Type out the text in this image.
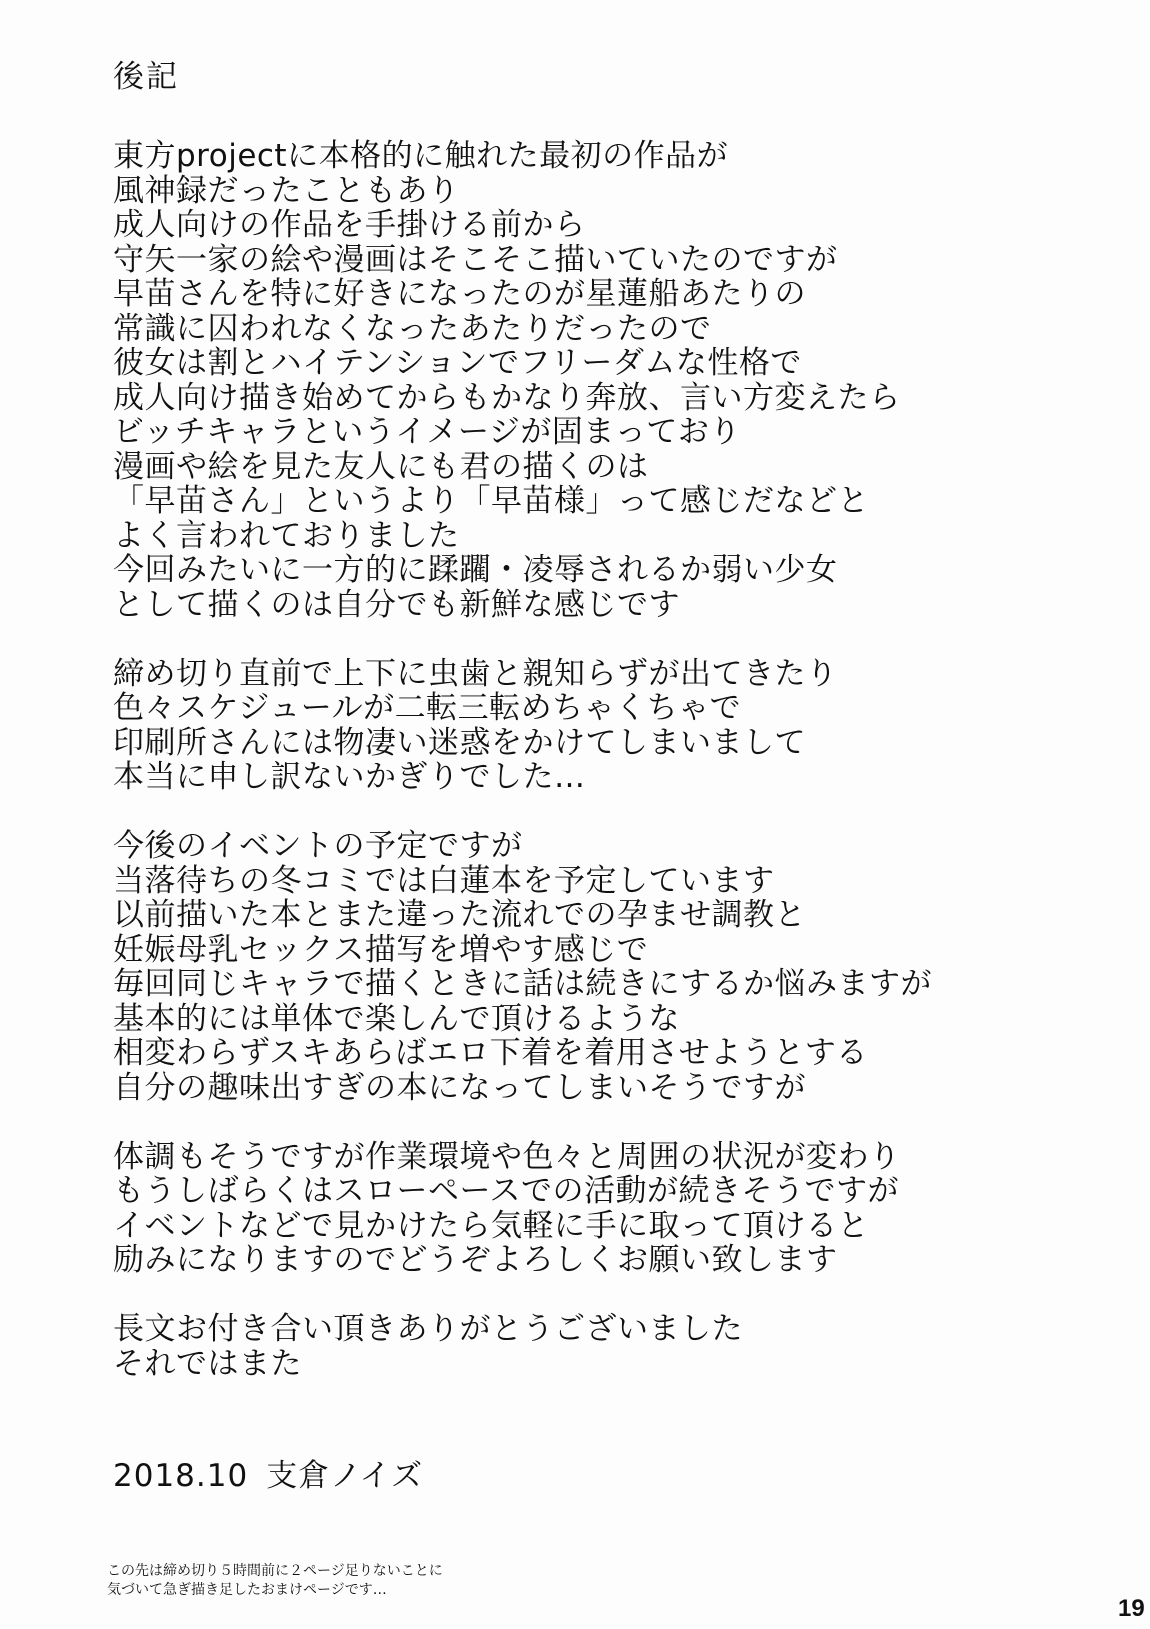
後記
東方projectに本格的に触れた最初の作品が
風神録だったこともあり
成人向けの作品を手掛ける前から
守矢一家の絵や漫画はそこそこ描いていたのですが
早苗さんを特に好きになったのが星蓮船あたりの
常識に囚われなくなったあたりだったので
彼女は割とハイテンションでフリーダムな性格で
成人向け描き始めてからもかなり奔放、言い方変えたら
ビッチキャラというイメージが固まっており
漫画や絵を見た友人にも君の描くのは
「早苗さん」というより「早苗様」って感じだなどと
よく言われておりました
今回みたいに一方的に蹂躙・凌辱されるか弱い少女
として描くのは自分でも新鮮な感じです
締め切り直前で上下に虫歯と親知らずが出てきたり
色々スケジュールが二転三転めちゃくちゃで
印刷所さんには物凄い迷惑をかけてしまいまして
本当に申し訳ないかぎりでした…
今後のイベントの予定ですが
当落待ちの冬コミでは白蓮本を予定しています
以前描いた本とまた違った流れでの孕ませ調教と
妊娠母乳セックス描写を増やす感じで
毎回同じキャラで描くときに話は続きにするか悩みますが
基本的には単体で楽しんで頂けるような
相変わらずスキあらばエロ下着を着用させようとする
自分の趣味出すぎの本になってしまいそうですが
体調もそうですが作業環境や色々と周囲の状況が変わり
もうしばらくはスローペースでの活動が続きそうですが
イベントなどで見かけたら気軽に手に取って頂けると
励みになりますのでどうぞよろしくお願い致します
長文お付き合い頂きありがとうございました
それではまた
2018.10 支倉ノイズ
この先は締め切り５時間前に２ページ足りないことに
気づいて急ぎ描き足したおまけページです…
19
